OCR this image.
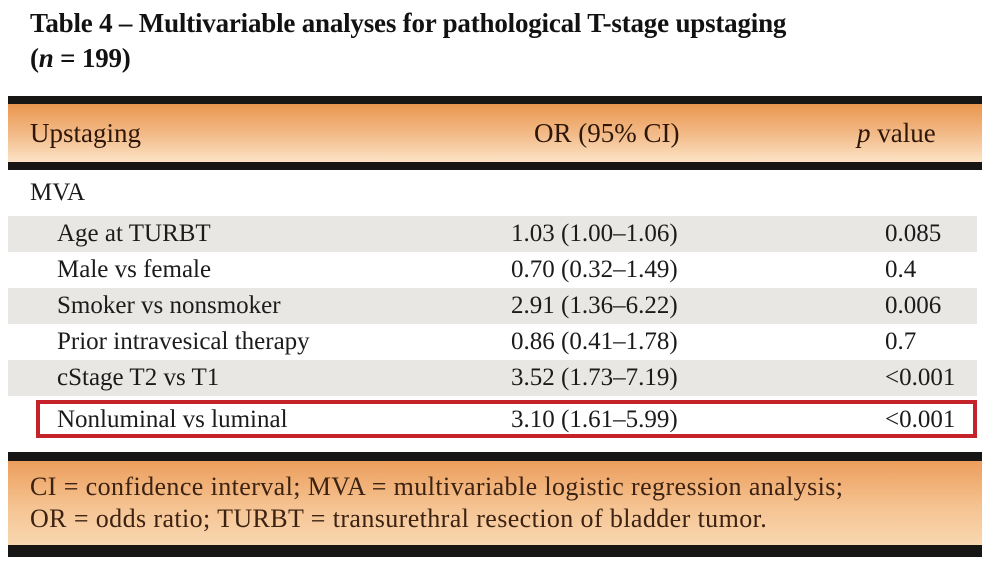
Table 4 – Multivariable analyses for pathological T-stage upstaging
(n = 199)
Upstaging	OR (95% CI)	p value
MVA
Age at TURBT	1.03 (1.00–1.06)	0.085
Male vs female	0.70 (0.32–1.49)	0.4
Smoker vs nonsmoker	2.91 (1.36–6.22)	0.006
Prior intravesical therapy	0.86 (0.41–1.78)	0.7
cStage T2 vs T1	3.52 (1.73–7.19)	<0.001
Nonluminal vs luminal	3.10 (1.61–5.99)	<0.001
CI = confidence interval; MVA = multivariable logistic regression analysis;
OR = odds ratio; TURBT = transurethral resection of bladder tumor.
